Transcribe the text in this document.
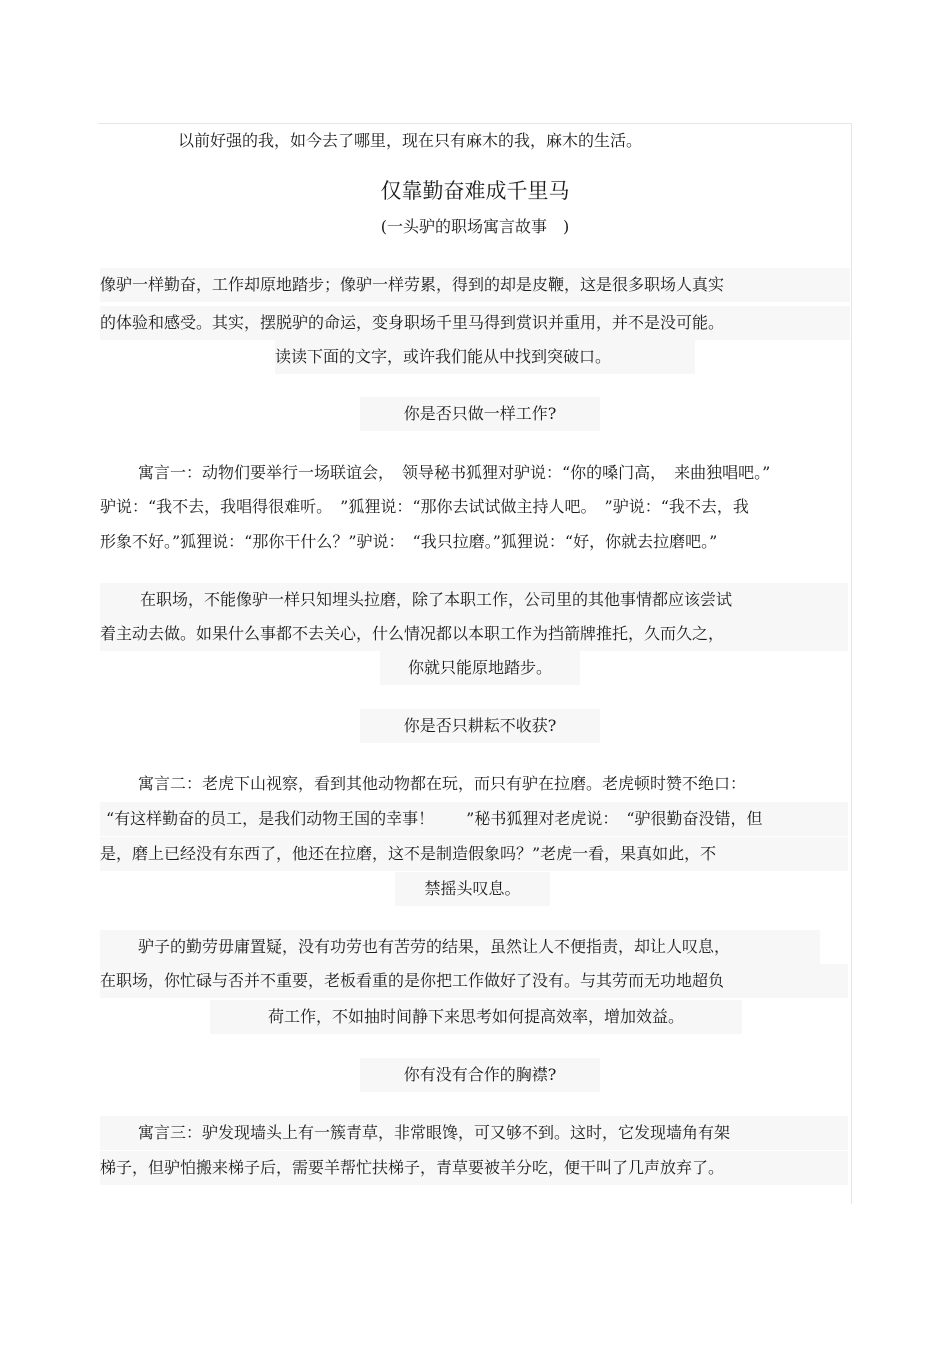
以前好强的我，如今去了哪里，现在只有麻木的我，麻木的生活。
仅靠勤奋难成千里马
(一头驴的职场寓言故事　)
像驴一样勤奋，工作却原地踏步；像驴一样劳累，得到的却是皮鞭，这是很多职场人真实
的体验和感受。其实，摆脱驴的命运，变身职场千里马得到赏识并重用，并不是没可能。
读读下面的文字，或许我们能从中找到突破口。
你是否只做一样工作?
寓言一：动物们要举行一场联谊会，　领导秘书狐狸对驴说：“你的嗓门高，　来曲独唱吧。”
驴说：“我不去，我唱得很难听。　”狐狸说：“那你去试试做主持人吧。　”驴说：“我不去，我
形象不好。”狐狸说：“那你干什么？”驴说：　“我只拉磨。”狐狸说：“好，你就去拉磨吧。”
在职场，不能像驴一样只知埋头拉磨，除了本职工作，公司里的其他事情都应该尝试
着主动去做。如果什么事都不去关心，什么情况都以本职工作为挡箭牌推托，久而久之，
你就只能原地踏步。
你是否只耕耘不收获?
寓言二：老虎下山视察，看到其他动物都在玩，而只有驴在拉磨。老虎顿时赞不绝口：
“有这样勤奋的员工，是我们动物王国的幸事！　　”秘书狐狸对老虎说：　“驴很勤奋没错，但
是，磨上已经没有东西了，他还在拉磨，这不是制造假象吗？”老虎一看，果真如此，不
禁摇头叹息。
驴子的勤劳毋庸置疑，没有功劳也有苦劳的结果，虽然让人不便指责，却让人叹息，
在职场，你忙碌与否并不重要，老板看重的是你把工作做好了没有。与其劳而无功地超负
荷工作，不如抽时间静下来思考如何提高效率，增加效益。
你有没有合作的胸襟?
寓言三：驴发现墙头上有一簇青草，非常眼馋，可又够不到。这时，它发现墙角有架
梯子，但驴怕搬来梯子后，需要羊帮忙扶梯子，青草要被羊分吃，便干叫了几声放弃了。
